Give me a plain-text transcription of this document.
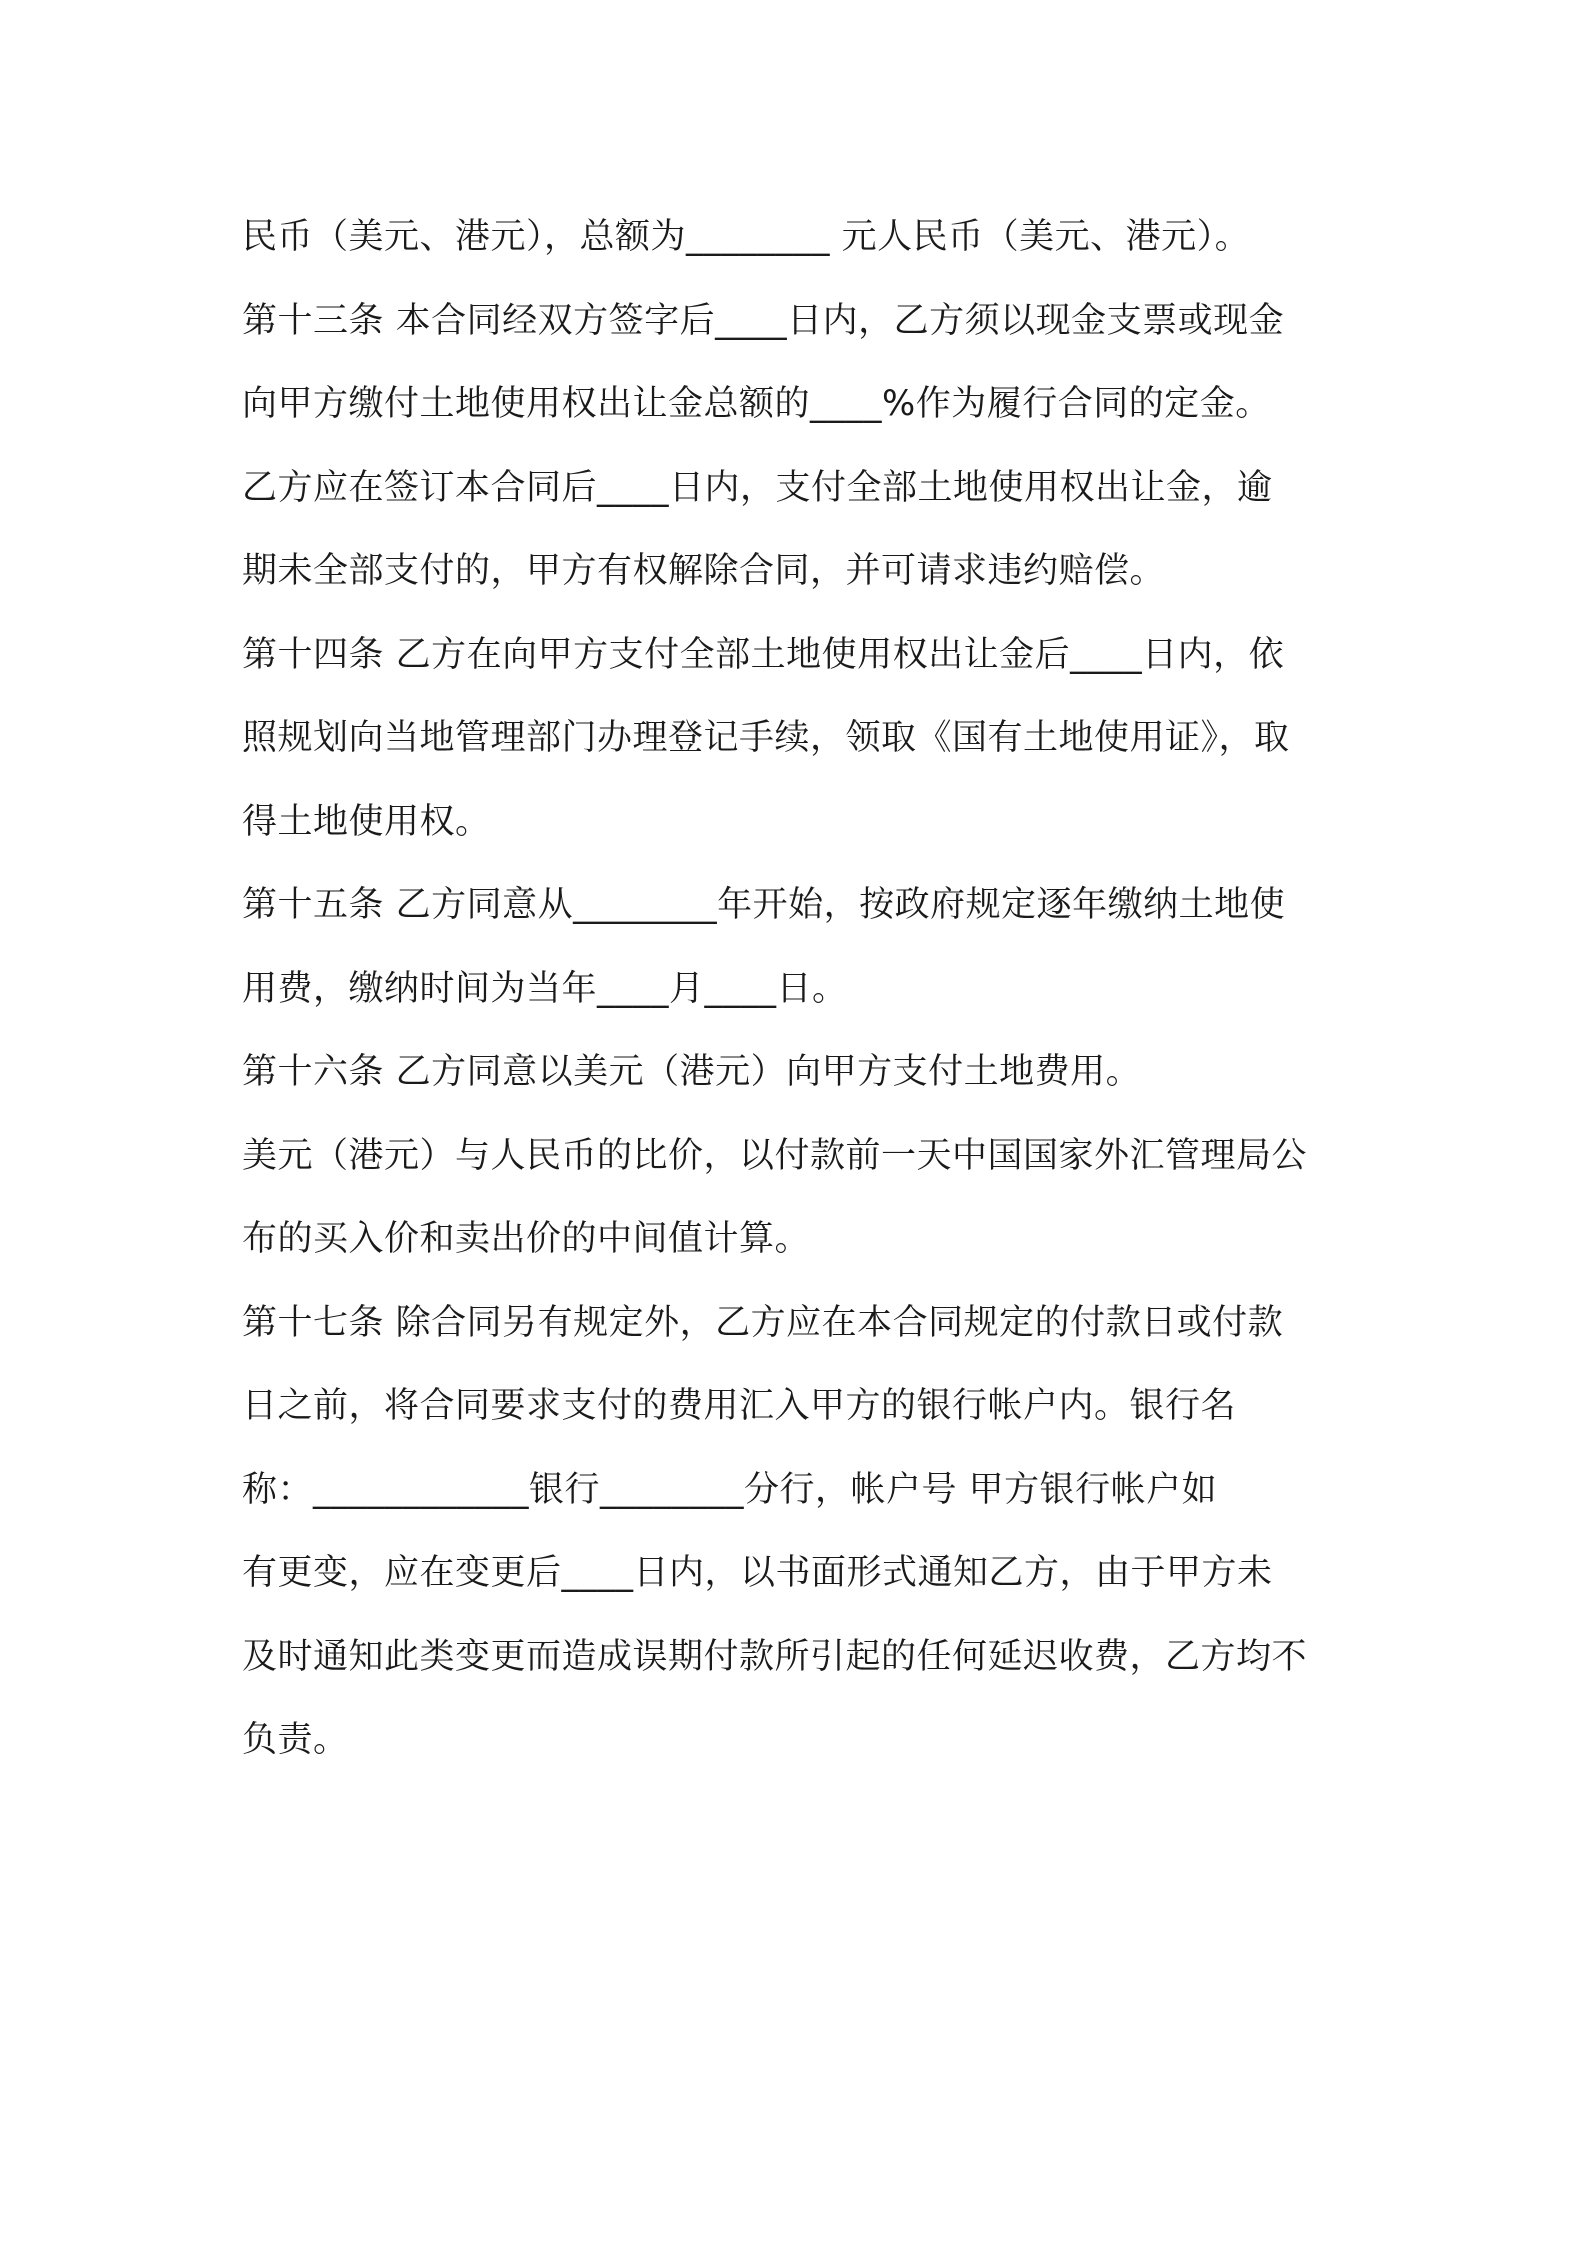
民币（美元、港元），总额为________ 元人民币（美元、港元）。
第十三条 本合同经双方签字后____日内，乙方须以现金支票或现金
向甲方缴付土地使用权出让金总额的____%作为履行合同的定金。
乙方应在签订本合同后____日内，支付全部土地使用权出让金，逾
期未全部支付的，甲方有权解除合同，并可请求违约赔偿。
第十四条 乙方在向甲方支付全部土地使用权出让金后____日内，依
照规划向当地管理部门办理登记手续，领取《国有土地使用证》，取
得土地使用权。
第十五条 乙方同意从________年开始，按政府规定逐年缴纳土地使
用费，缴纳时间为当年____月____日。
第十六条 乙方同意以美元（港元）向甲方支付土地费用。
美元（港元）与人民币的比价，以付款前一天中国国家外汇管理局公
布的买入价和卖出价的中间值计算。
第十七条 除合同另有规定外，乙方应在本合同规定的付款日或付款
日之前，将合同要求支付的费用汇入甲方的银行帐户内。银行名
称：____________银行________分行，帐户号 甲方银行帐户如
有更变，应在变更后____日内，以书面形式通知乙方，由于甲方未
及时通知此类变更而造成误期付款所引起的任何延迟收费，乙方均不
负责。
